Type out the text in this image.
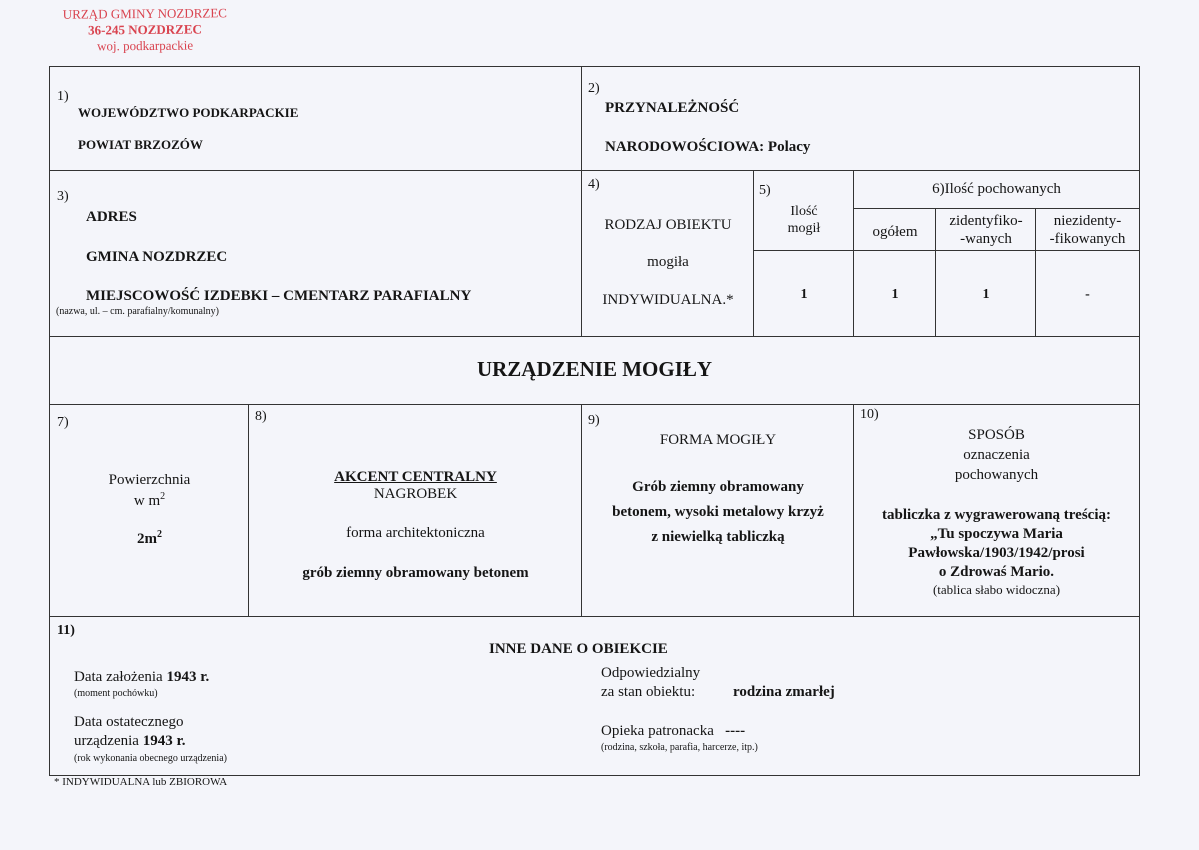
URZĄD GMINY NOZDRZEC
36-245 NOZDRZEC
woj. podkarpackie
1)
WOJEWÓDZTWO PODKARPACKIE
POWIAT BRZOZÓW
2)
PRZYNALEŻNOŚĆ
NARODOWOŚCIOWA: Polacy
3)
ADRES
GMINA NOZDRZEC
MIEJSCOWOŚĆ IZDEBKI – CMENTARZ PARAFIALNY
(nazwa, ul. – cm. parafialny/komunalny)
4)
RODZAJ OBIEKTU
mogiła
INDYWIDUALNA.*
5)
Ilość
mogił
6)Ilość pochowanych
ogółem
zidentyfiko-
-wanych
niezidenty-
-fikowanych
1	1	1	-
URZĄDZENIE MOGIŁY
7)
Powierzchnia
w $m^2$
$2m^2$
8)
AKCENT CENTRALNY
NAGROBEK
forma architektoniczna
grób ziemny obramowany betonem
9)
FORMA MOGIŁY
Grób ziemny obramowany
betonem, wysoki metalowy krzyż
z niewielką tabliczką
10)
SPOSÓB
oznaczenia
pochowanych
tabliczka z wygrawerowaną treścią:
„Tu spoczywa Maria
Pawłowska/1903/1942/prosi
o Zdrowaś Mario.
(tablica słabo widoczna)
11)
INNE DANE O OBIEKCIE
Data założenia 1943 r.
(moment pochówku)
Data ostatecznego
urządzenia 1943 r.
(rok wykonania obecnego urządzenia)
Odpowiedzialny
za stan obiektu:	rodzina zmarłej
Opieka patronacka ----
(rodzina, szkoła, parafia, harcerze, itp.)
* INDYWIDUALNA lub ZBIOROWA
